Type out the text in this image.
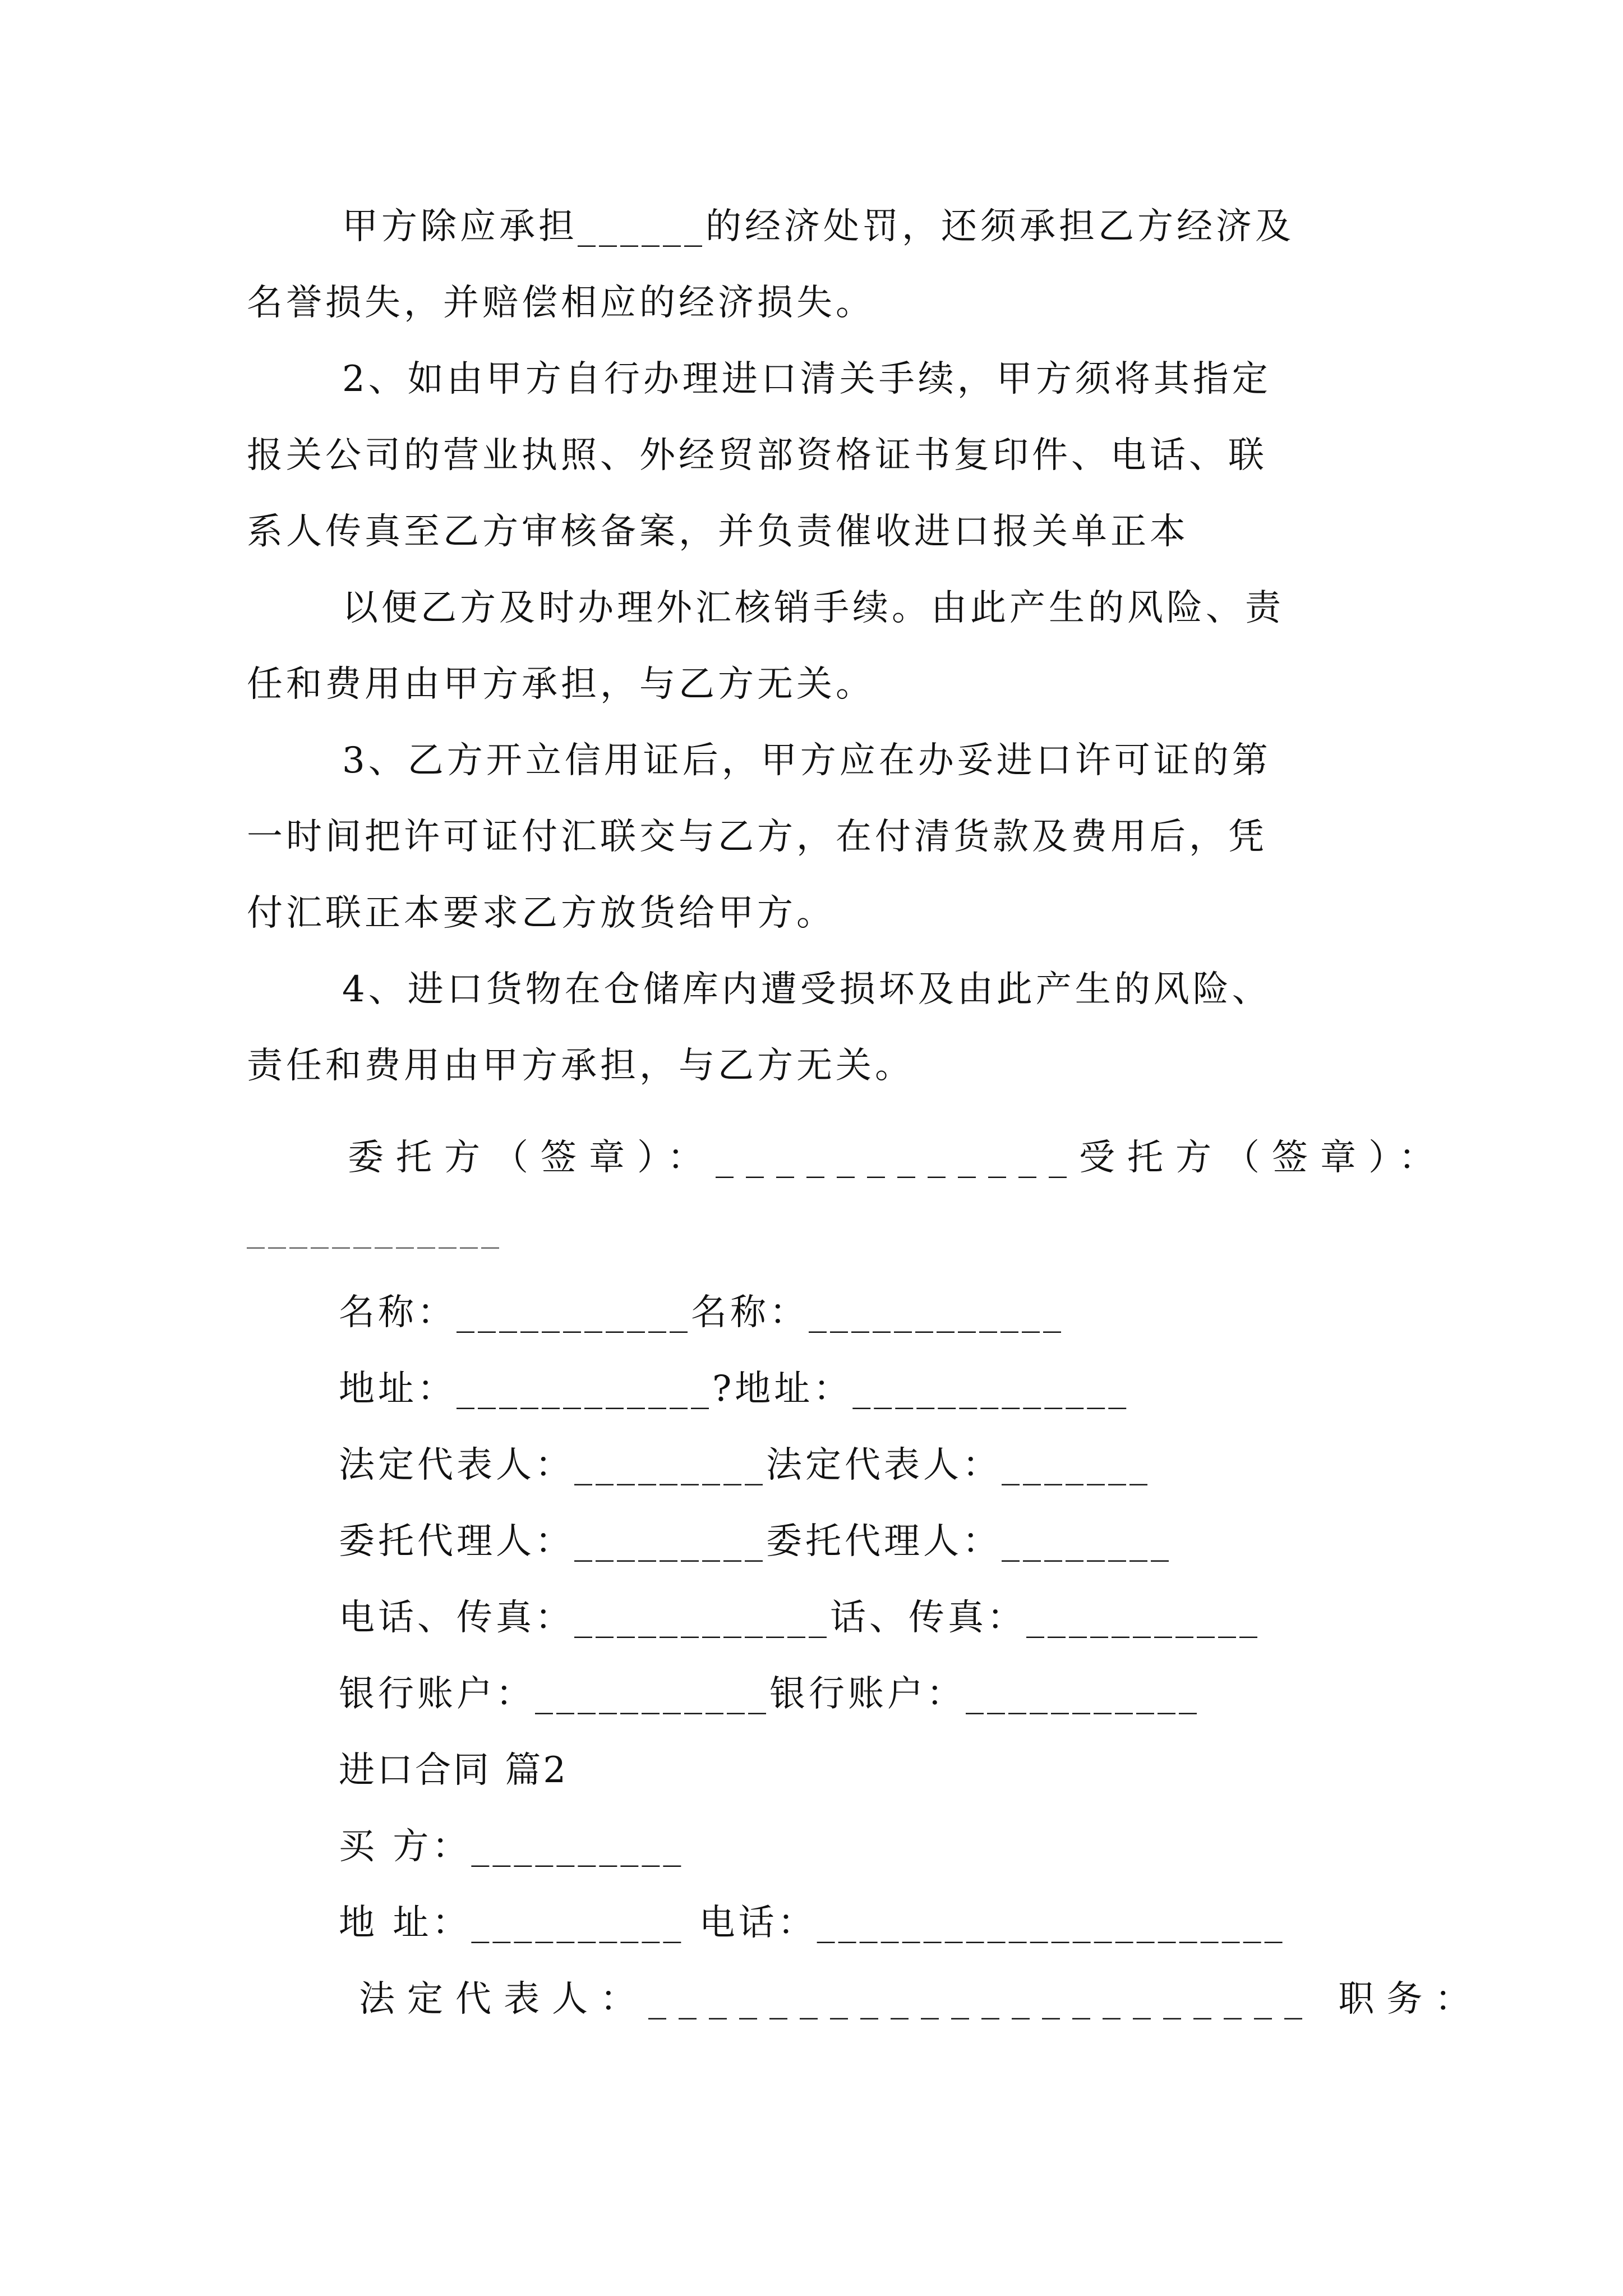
甲方除应承担______的经济处罚，还须承担乙方经济及
名誉损失，并赔偿相应的经济损失。
2、如由甲方自行办理进口清关手续，甲方须将其指定
报关公司的营业执照、外经贸部资格证书复印件、电话、联
系人传真至乙方审核备案，并负责催收进口报关单正本
以便乙方及时办理外汇核销手续。由此产生的风险、责
任和费用由甲方承担，与乙方无关。
3、乙方开立信用证后，甲方应在办妥进口许可证的第
一时间把许可证付汇联交与乙方，在付清货款及费用后，凭
付汇联正本要求乙方放货给甲方。
4、进口货物在仓储库内遭受损坏及由此产生的风险、
责任和费用由甲方承担，与乙方无关。
委托方（签章）：____________受托方（签章）：
____________
名称：___________名称：____________
地址：____________?地址：_____________
法定代表人：_________法定代表人：_______
委托代理人：_________委托代理人：________
电话、传真：____________话、传真：___________
银行账户：___________银行账户：___________
进口合同 篇2
买 方：__________
地 址：__________ 电话：______________________
法定代表人：______________________ 职务：
